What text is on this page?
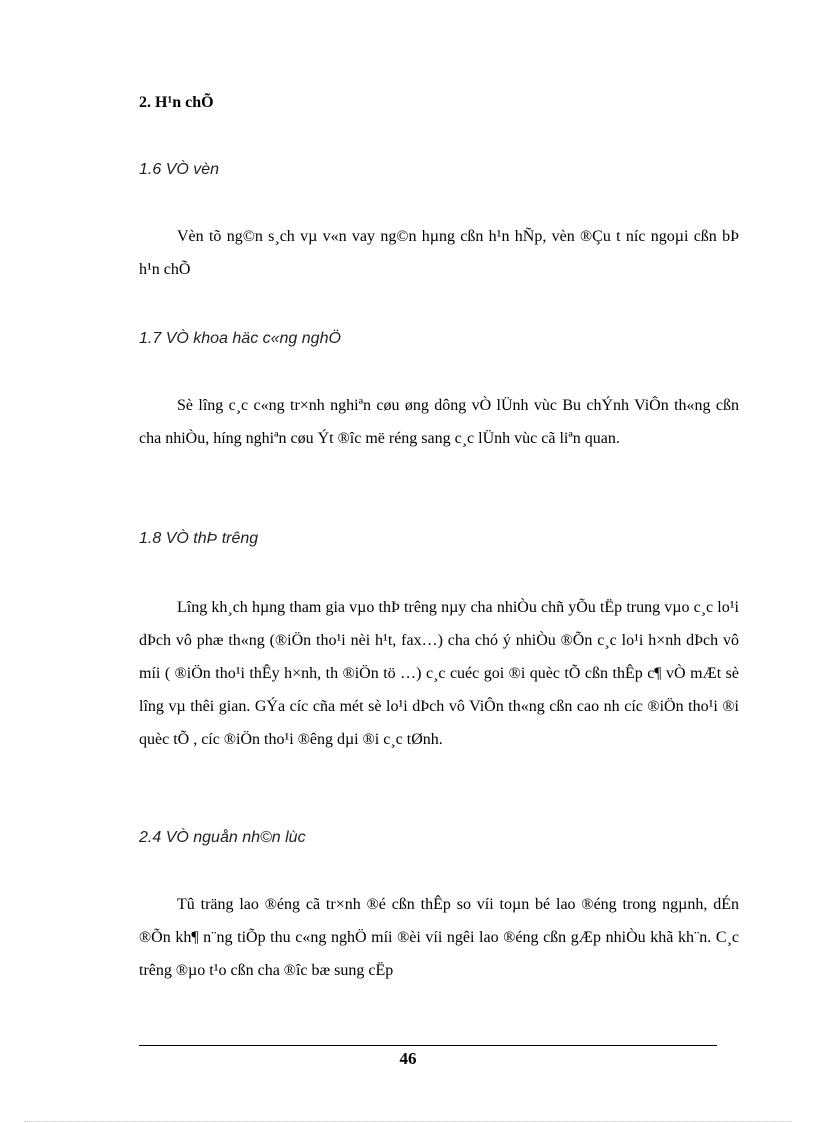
2. H¹n chÕ
1.6 VÒ vèn
Vèn tõ ng©n s¸ch vµ v«n vay ng©n hµng cßn h¹n hÑp, vèn ®Çu t níc ngoµi cßn bÞ h¹n chÕ
1.7 VÒ khoa häc c«ng nghÖ
Sè lîng c¸c c«ng tr×nh nghiªn cøu øng dông vÒ lÜnh vùc Bu chÝnh ViÔn th«ng cßn cha nhiÒu, híng nghiªn cøu Ýt ®îc më réng sang c¸c lÜnh vùc cã liªn quan.
1.8 VÒ thÞ trêng
Lîng kh¸ch hµng tham gia vµo thÞ trêng nµy cha nhiÒu chñ yÕu tËp trung vµo c¸c lo¹i dÞch vô phæ th«ng (®iÖn tho¹i nèi h¹t, fax…) cha chó ý nhiÒu ®Õn c¸c lo¹i h×nh dÞch vô míi ( ®iÖn tho¹i thÊy h×nh, th ®iÖn tö …) c¸c cuéc goi ®i quèc tÕ cßn thÊp c¶ vÒ mÆt sè lîng vµ thêi gian. GÝa cíc cña mét sè lo¹i dÞch vô ViÔn th«ng cßn cao nh cíc ®iÖn tho¹i ®i quèc tÕ , cíc ®iÖn tho¹i ®êng dµi ®i c¸c tØnh.
2.4 VÒ nguån nh©n lùc
Tû träng lao ®éng cã tr×nh ®é cßn thÊp so víi toµn bé lao ®éng trong ngµnh, dÉn ®Õn kh¶ n¨ng tiÕp thu c«ng nghÖ míi ®èi víi ngêi lao ®éng cßn gÆp nhiÒu khã kh¨n. C¸c trêng ®µo t¹o cßn cha ®îc bæ sung cËp
46
